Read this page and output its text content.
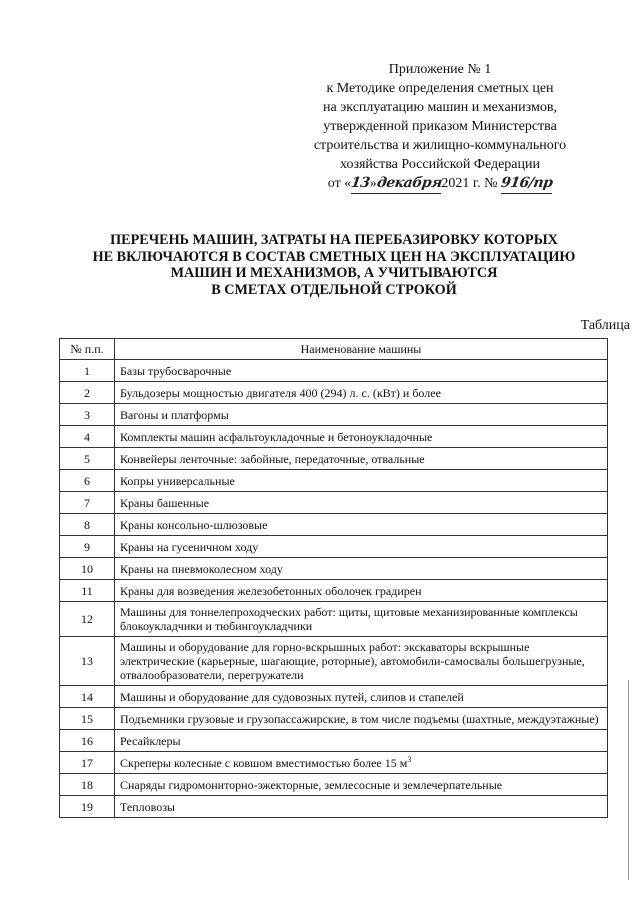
Приложение № 1
к Методике определения сметных цен
на эксплуатацию машин и механизмов,
утвержденной приказом Министерства
строительства и жилищно-коммунального
хозяйства Российской Федерации
от «13»декабря2021 г. № 916/пр
ПЕРЕЧЕНЬ МАШИН, ЗАТРАТЫ НА ПЕРЕБАЗИРОВКУ КОТОРЫХ
НЕ ВКЛЮЧАЮТСЯ В СОСТАВ СМЕТНЫХ ЦЕН НА ЭКСПЛУАТАЦИЮ
МАШИН И МЕХАНИЗМОВ, А УЧИТЫВАЮТСЯ
В СМЕТАХ ОТДЕЛЬНОЙ СТРОКОЙ
Таблица
№ п.п.	Наименование машины
1	Базы трубосварочные
2	Бульдозеры мощностью двигателя 400 (294) л. с. (кВт) и более
3	Вагоны и платформы
4	Комплекты машин асфальтоукладочные и бетоноукладочные
5	Конвейеры ленточные: забойные, передаточные, отвальные
6	Копры универсальные
7	Краны башенные
8	Краны консольно-шлюзовые
9	Краны на гусеничном ходу
10	Краны на пневмоколесном ходу
11	Краны для возведения железобетонных оболочек градирен
12	Машины для тоннелепроходческих работ: щиты, щитовые механизированные комплексы блокоукладчики и тюбингоукладчики
13	Машины и оборудование для горно-вскрышных работ: экскаваторы вскрышные электрические (карьерные, шагающие, роторные), автомобили-самосвалы большегрузные, отвалообразователи, перегружатели
14	Машины и оборудование для судовозных путей, слипов и стапелей
15	Подъемники грузовые и грузопассажирские, в том числе подъемы (шахтные, междуэтажные)
16	Ресайклеры
17	Скреперы колесные с ковшом вместимостью более 15 $м^3$
18	Снаряды гидромониторно-эжекторные, землесосные и землечерпательные
19	Тепловозы
